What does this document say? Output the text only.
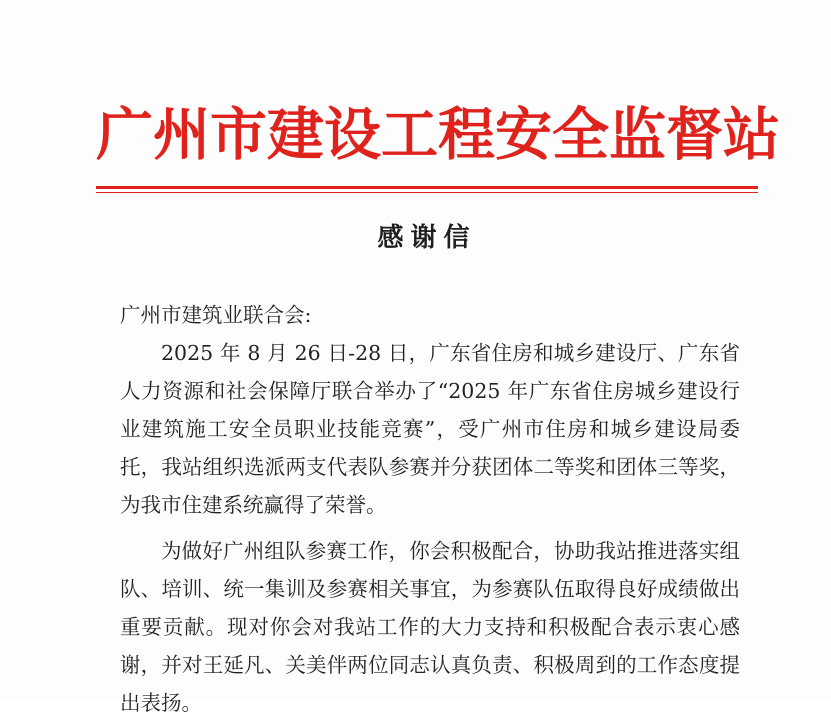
广州市建设工程安全监督站
感谢信

广州市建筑业联合会:

2025 年 8 月 26 日-28 日，广东省住房和城乡建设厅、广东省人力资源和社会保障厅联合举办了“2025 年广东省住房城乡建设行业建筑施工安全员职业技能竞赛”，受广州市住房和城乡建设局委托，我站组织选派两支代表队参赛并分获团体二等奖和团体三等奖，为我市住建系统赢得了荣誉。

为做好广州组队参赛工作，你会积极配合，协助我站推进落实组队、培训、统一集训及参赛相关事宜，为参赛队伍取得良好成绩做出重要贡献。现对你会对我站工作的大力支持和积极配合表示衷心感谢，并对王延凡、关美伴两位同志认真负责、积极周到的工作态度提出表扬。
